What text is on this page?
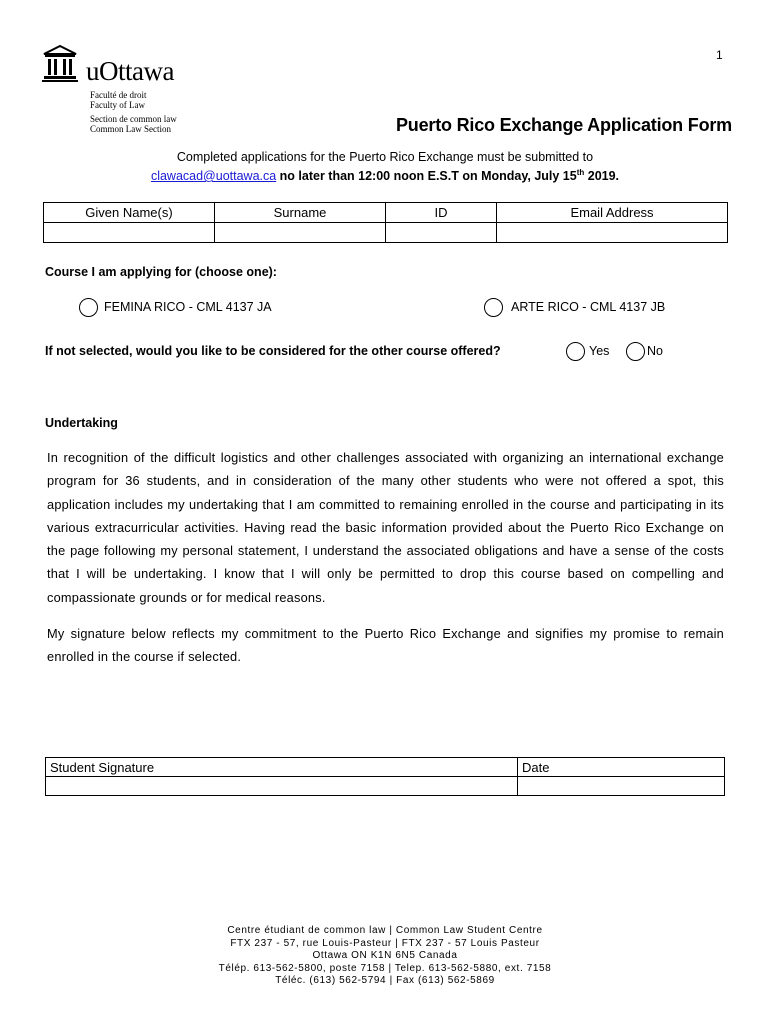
1
uOttawa
Faculté de droit
Faculty of Law
Section de common law
Common Law Section	Puerto Rico Exchange Application Form
Completed applications for the Puerto Rico Exchange must be submitted to
clawacad@uottawa.ca no later than 12:00 noon E.S.T on Monday, July 15th 2019.
Given Name(s)	Surname	ID	Email Address

Course I am applying for (choose one):
FEMINA RICO - CML 4137 JA	ARTE RICO - CML 4137 JB
If not selected, would you like to be considered for the other course offered?	Yes	No
Undertaking
In recognition of the difficult logistics and other challenges associated with organizing an international exchange program for 36 students, and in consideration of the many other students who were not offered a spot, this application includes my undertaking that I am committed to remaining enrolled in the course and participating in its various extracurricular activities. Having read the basic information provided about the Puerto Rico Exchange on the page following my personal statement, I understand the associated obligations and have a sense of the costs that I will be undertaking. I know that I will only be permitted to drop this course based on compelling and compassionate grounds or for medical reasons.
My signature below reflects my commitment to the Puerto Rico Exchange and signifies my promise to remain enrolled in the course if selected.
Student Signature	Date

Centre étudiant de common law | Common Law Student Centre
FTX 237 - 57, rue Louis-Pasteur | FTX 237 - 57 Louis Pasteur
Ottawa ON K1N 6N5 Canada
Télép. 613-562-5800, poste 7158 | Telep. 613-562-5880, ext. 7158
Téléc. (613) 562-5794 | Fax (613) 562-5869
